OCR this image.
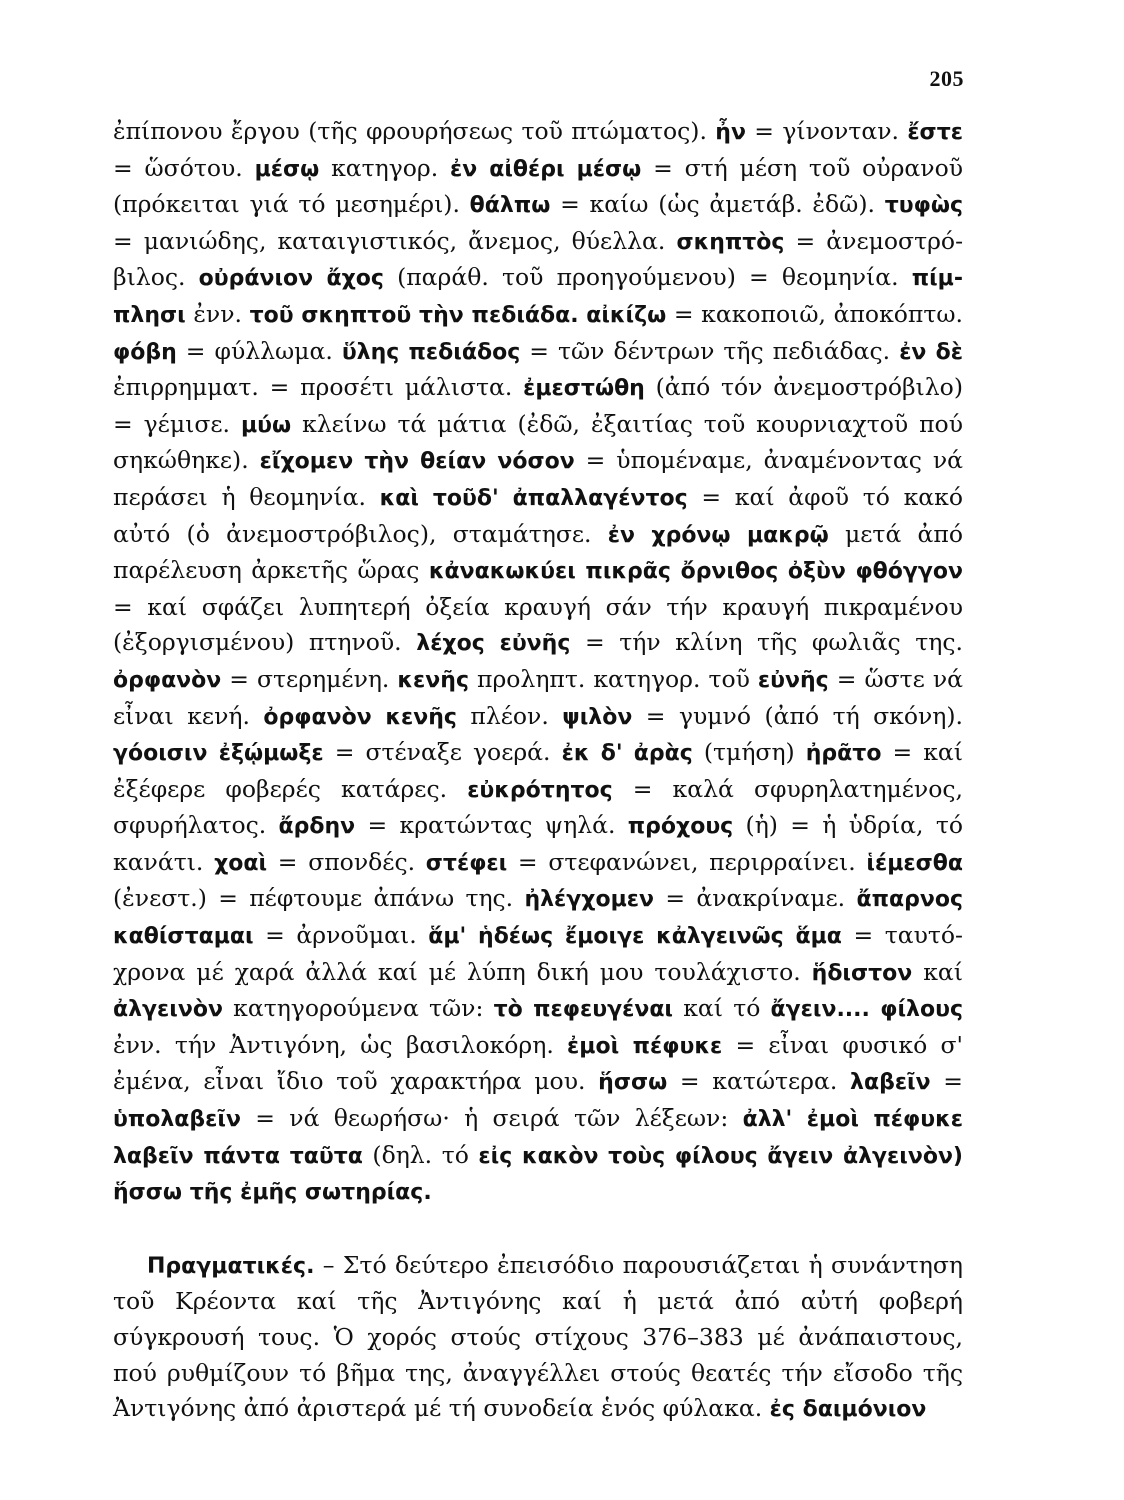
205

ἐπίπονου ἔργου (τῆς φρουρήσεως τοῦ πτώματος). ἦν = γίνονταν. ἔστε = ὥσότου. μέσῳ κατηγορ. ἐν αἰθέρι μέσῳ = στή μέση τοῦ οὐρανοῦ (πρόκειται γιά τό μεσημέρι). θάλπω = καίω (ὡς ἀμετάβ. ἐδῶ). τυφὼς = μανιώδης, καταιγιστικός, ἄνεμος, θύελλα. σκηπτὸς = ἀνεμοστρόβιλος. οὐράνιον ἄχος (παράθ. τοῦ προηγούμενου) = θεομηνία. πίμπλησι ἐνν. τοῦ σκηπτοῦ τὴν πεδιάδα. αἰκίζω = κακοποιῶ, ἀποκόπτω. φόβη = φύλλωμα. ὕλης πεδιάδος = τῶν δέντρων τῆς πεδιάδας. ἐν δὲ ἐπιρρημματ. = προσέτι μάλιστα. ἐμεστώθη (ἀπό τόν ἀνεμοστρόβιλο) = γέμισε. μύω κλείνω τά μάτια (ἐδῶ, ἐξαιτίας τοῦ κουρνιαχτοῦ πού σηκώθηκε). εἴχομεν τὴν θείαν νόσον = ὑπομέναμε, ἀναμένοντας νά περάσει ἡ θεομηνία. καὶ τοῦδ' ἀπαλλαγέντος = καί ἀφοῦ τό κακό αὐτό (ὁ ἀνεμοστρόβιλος), σταμάτησε. ἐν χρόνῳ μακρῷ μετά ἀπό παρέλευση ἀρκετῆς ὥρας κἀνακωκύει πικρᾶς ὄρνιθος ὀξὺν φθόγγον = καί σφάζει λυπητερή ὀξεία κραυγή σάν τήν κραυγή πικραμένου (ἐξοργισμένου) πτηνοῦ. λέχος εὐνῆς = τήν κλίνη τῆς φωλιᾶς της. ὀρφανὸν = στερημένη. κενῆς προληπτ. κατηγορ. τοῦ εὐνῆς = ὥστε νά εἶναι κενή. ὀρφανὸν κενῆς πλέον. ψιλὸν = γυμνό (ἀπό τή σκόνη). γόοισιν ἐξῴμωξε = στέναξε γοερά. ἐκ δ' ἀρὰς (τμήση) ἠρᾶτο = καί ἐξέφερε φοβερές κατάρες. εὐκρότητος = καλά σφυρηλατημένος, σφυρήλατος. ἄρδην = κρατώντας ψηλά. πρόχους (ἡ) = ἡ ὑδρία, τό κανάτι. χοαὶ = σπονδές. στέφει = στεφανώνει, περιρραίνει. ἱέμεσθα (ἐνεστ.) = πέφτουμε ἀπάνω της. ἠλέγχομεν = ἀνακρίναμε. ἄπαρνος καθίσταμαι = ἀρνοῦμαι. ἅμ' ἡδέως ἔμοιγε κἀλγεινῶς ἅμα = ταυτόχρονα μέ χαρά ἀλλά καί μέ λύπη δική μου τουλάχιστο. ἥδιστον καί ἀλγεινὸν κατηγορούμενα τῶν: τὸ πεφευγέναι καί τό ἄγειν.... φίλους ἐνν. τήν Ἀντιγόνη, ὡς βασιλοκόρη. ἐμοὶ πέφυκε = εἶναι φυσικό σ' ἐμένα, εἶναι ἴδιο τοῦ χαρακτήρα μου. ἥσσω = κατώτερα. λαβεῖν = ὑπολαβεῖν = νά θεωρήσω· ἡ σειρά τῶν λέξεων: ἀλλ' ἐμοὶ πέφυκε λαβεῖν πάντα ταῦτα (δηλ. τό εἰς κακὸν τοὺς φίλους ἄγειν ἀλγεινὸν) ἥσσω τῆς ἐμῆς σωτηρίας.

Πραγματικές. – Στό δεύτερο ἐπεισόδιο παρουσιάζεται ἡ συνάντηση τοῦ Κρέοντα καί τῆς Ἀντιγόνης καί ἡ μετά ἀπό αὐτή φοβερή σύγκρουσή τους. Ὁ χορός στούς στίχους 376–383 μέ ἀνάπαιστους, πού ρυθμίζουν τό βῆμα της, ἀναγγέλλει στούς θεατές τήν εἴσοδο τῆς Ἀντιγόνης ἀπό ἀριστερά μέ τή συνοδεία ἑνός φύλακα. ἐς δαιμόνιον
